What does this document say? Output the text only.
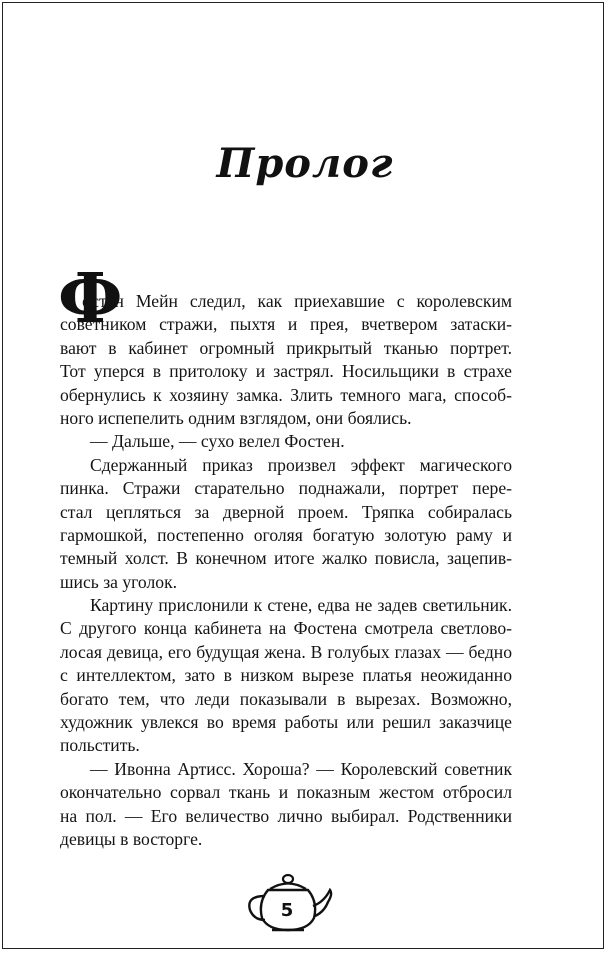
Пролог
Ф
остен Мейн следил, как приехавшие с королевским
советником стражи, пыхтя и прея, вчетвером затаски-
вают в кабинет огромный прикрытый тканью портрет.
Тот уперся в притолоку и застрял. Носильщики в страхе
обернулись к хозяину замка. Злить темного мага, способ-
ного испепелить одним взглядом, они боялись.
— Дальше, — сухо велел Фостен.
Сдержанный приказ произвел эффект магического
пинка. Стражи старательно поднажали, портрет пере-
стал цепляться за дверной проем. Тряпка собиралась
гармошкой, постепенно оголяя богатую золотую раму и
темный холст. В конечном итоге жалко повисла, зацепив-
шись за уголок.
Картину прислонили к стене, едва не задев светильник.
С другого конца кабинета на Фостена смотрела светлово-
лосая девица, его будущая жена. В голубых глазах — бедно
с интеллектом, зато в низком вырезе платья неожиданно
богато тем, что леди показывали в вырезах. Возможно,
художник увлекся во время работы или решил заказчице
польстить.
— Ивонна Артисс. Хороша? — Королевский советник
окончательно сорвал ткань и показным жестом отбросил
на пол. — Его величество лично выбирал. Родственники
девицы в восторге.
5
